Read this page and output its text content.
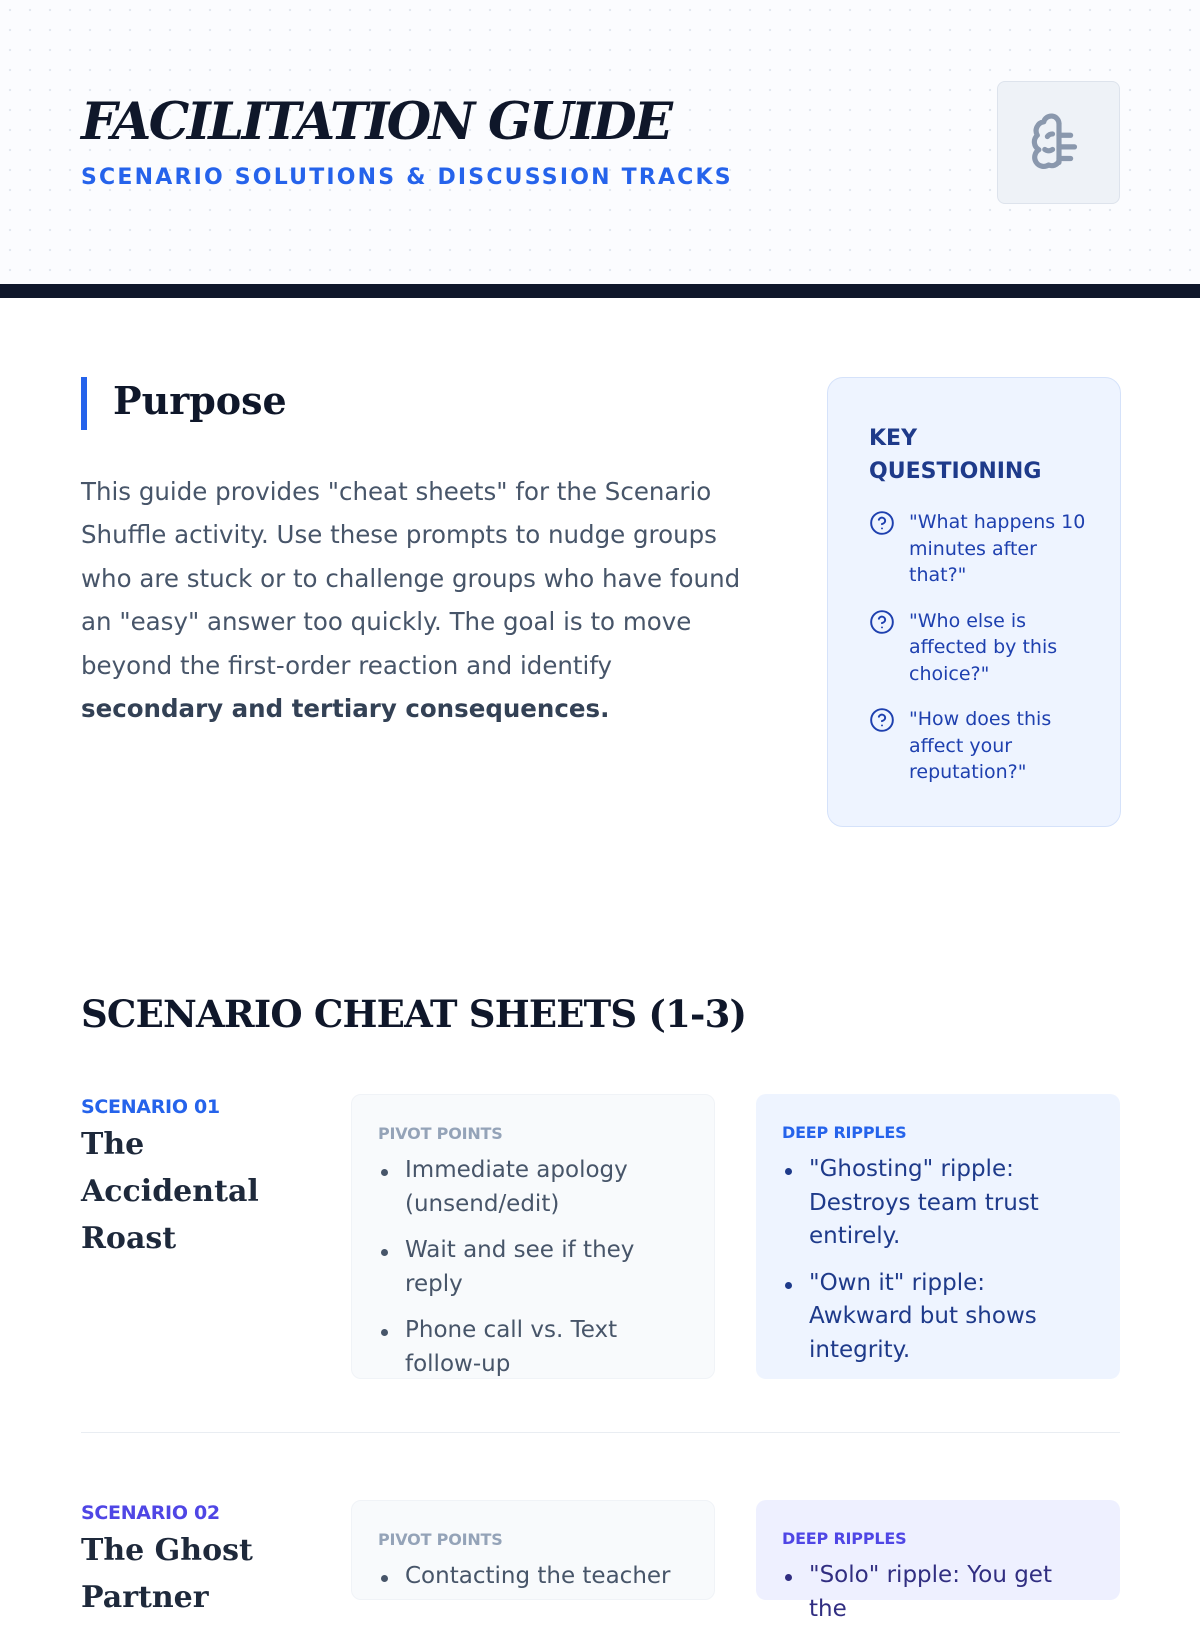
FACILITATION GUIDE
SCENARIO SOLUTIONS & DISCUSSION TRACKS
Purpose

This guide provides "cheat sheets" for the Scenario Shuffle activity. Use these prompts to nudge groups who are stuck or to challenge groups who have found an "easy" answer too quickly. The goal is to move beyond the first-order reaction and identify secondary and tertiary consequences.

KEY QUESTIONING
"What happens 10 minutes after that?"
"Who else is affected by this choice?"
"How does this affect your reputation?"
SCENARIO CHEAT SHEETS (1-3)
SCENARIO 01
The Accidental Roast
PIVOT POINTS
Immediate apology (unsend/edit)
Wait and see if they reply
Phone call vs. Text follow-up
DEEP RIPPLES
"Ghosting" ripple: Destroys team trust entirely.
"Own it" ripple: Awkward but shows integrity.
SCENARIO 02
The Ghost Partner
PIVOT POINTS
Contacting the teacher
DEEP RIPPLES
"Solo" ripple: You get the
